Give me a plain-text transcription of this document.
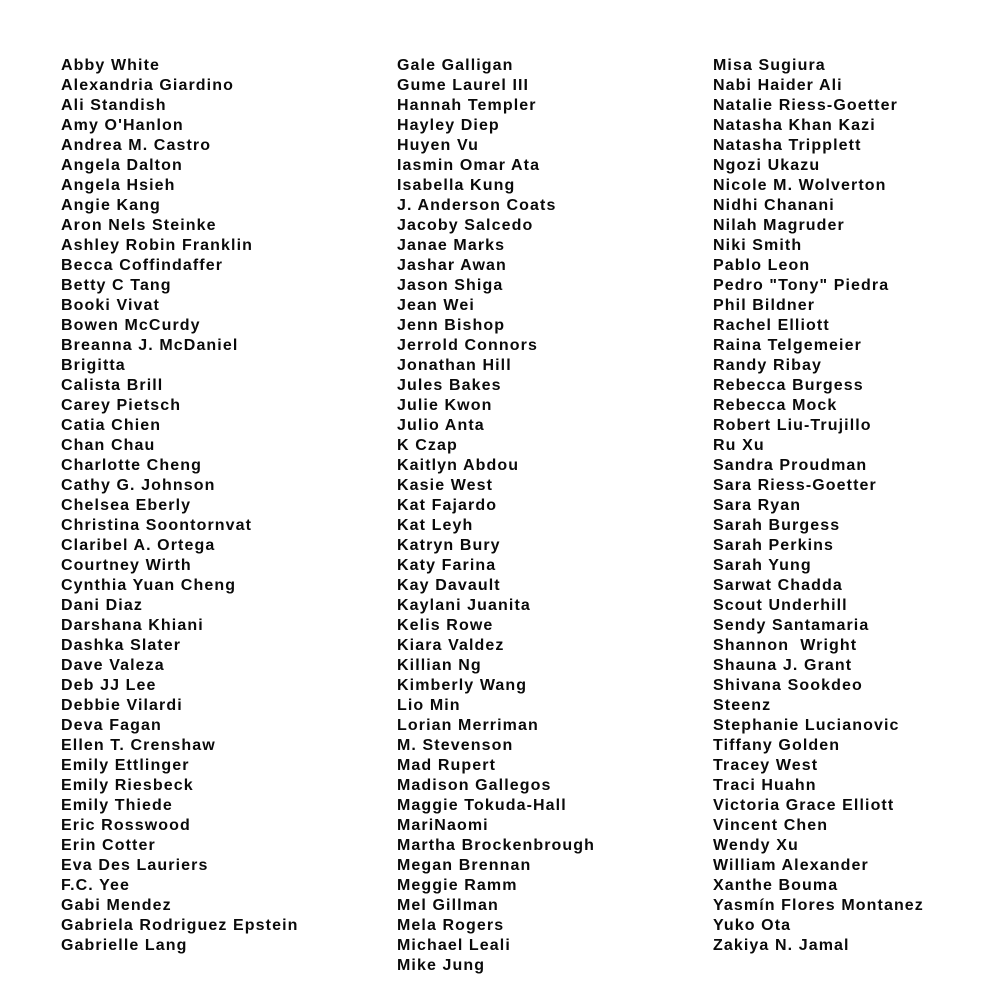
Abby White
Alexandria Giardino
Ali Standish
Amy O'Hanlon
Andrea M. Castro
Angela Dalton
Angela Hsieh
Angie Kang
Aron Nels Steinke
Ashley Robin Franklin
Becca Coffindaffer
Betty C Tang
Booki Vivat
Bowen McCurdy
Breanna J. McDaniel
Brigitta
Calista Brill
Carey Pietsch
Catia Chien
Chan Chau
Charlotte Cheng
Cathy G. Johnson
Chelsea Eberly
Christina Soontornvat
Claribel A. Ortega
Courtney Wirth
Cynthia Yuan Cheng
Dani Diaz
Darshana Khiani
Dashka Slater
Dave Valeza
Deb JJ Lee
Debbie Vilardi
Deva Fagan
Ellen T. Crenshaw
Emily Ettlinger
Emily Riesbeck
Emily Thiede
Eric Rosswood
Erin Cotter
Eva Des Lauriers
F.C. Yee
Gabi Mendez
Gabriela Rodriguez Epstein
Gabrielle Lang
Gale Galligan
Gume Laurel III
Hannah Templer
Hayley Diep
Huyen Vu
Iasmin Omar Ata
Isabella Kung
J. Anderson Coats
Jacoby Salcedo
Janae Marks
Jashar Awan
Jason Shiga
Jean Wei
Jenn Bishop
Jerrold Connors
Jonathan Hill
Jules Bakes
Julie Kwon
Julio Anta
K Czap
Kaitlyn Abdou
Kasie West
Kat Fajardo
Kat Leyh
Katryn Bury
Katy Farina
Kay Davault
Kaylani Juanita
Kelis Rowe
Kiara Valdez
Killian Ng
Kimberly Wang
Lio Min
Lorian Merriman
M. Stevenson
Mad Rupert
Madison Gallegos
Maggie Tokuda-Hall
MariNaomi
Martha Brockenbrough
Megan Brennan
Meggie Ramm
Mel Gillman
Mela Rogers
Michael Leali
Mike Jung
Misa Sugiura
Nabi Haider Ali
Natalie Riess-Goetter
Natasha Khan Kazi
Natasha Tripplett
Ngozi Ukazu
Nicole M. Wolverton
Nidhi Chanani
Nilah Magruder
Niki Smith
Pablo Leon
Pedro "Tony" Piedra
Phil Bildner
Rachel Elliott
Raina Telgemeier
Randy Ribay
Rebecca Burgess
Rebecca Mock
Robert Liu-Trujillo
Ru Xu
Sandra Proudman
Sara Riess-Goetter
Sara Ryan
Sarah Burgess
Sarah Perkins
Sarah Yung
Sarwat Chadda
Scout Underhill
Sendy Santamaria
Shannon  Wright
Shauna J. Grant
Shivana Sookdeo
Steenz
Stephanie Lucianovic
Tiffany Golden
Tracey West
Traci Huahn
Victoria Grace Elliott
Vincent Chen
Wendy Xu
William Alexander
Xanthe Bouma
Yasmín Flores Montanez
Yuko Ota
Zakiya N. Jamal
